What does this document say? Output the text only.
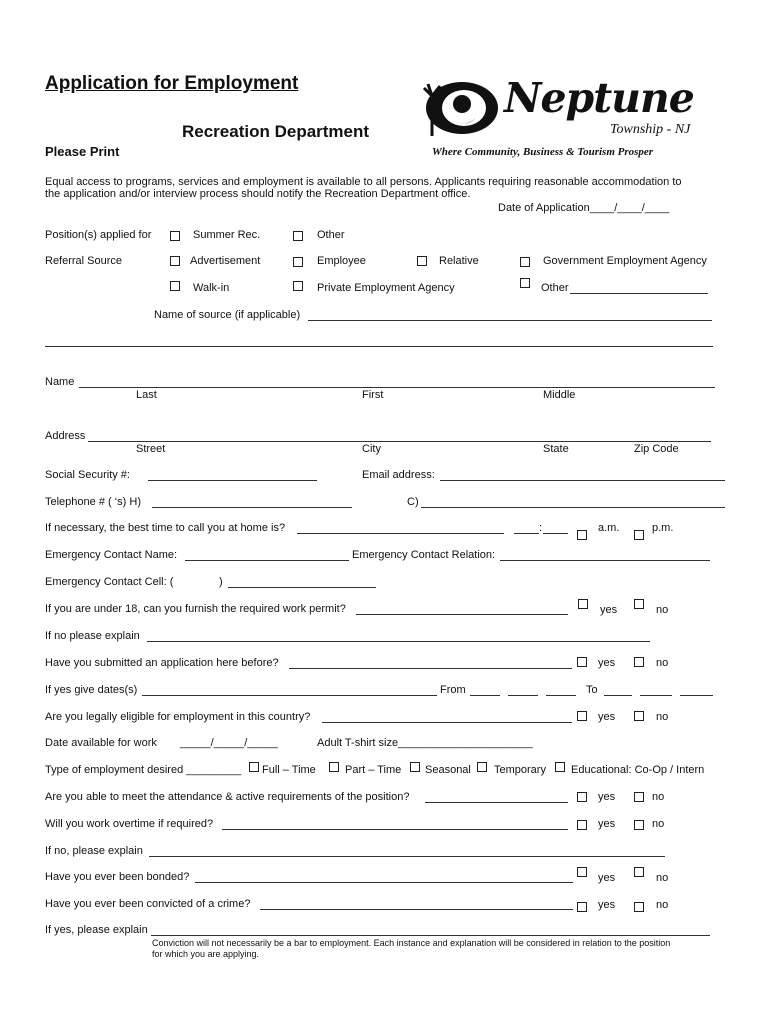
Application for Employment
Recreation Department
Please Print
Neptune
Township - NJ
Where Community, Business & Tourism Prosper
Equal access to programs, services and employment is available to all persons. Applicants requiring reasonable accommodation to
the application and/or interview process should notify the Recreation Department office.
Date of Application____/____/____
Position(s) applied for	Summer Rec.	Other
Referral Source	Advertisement	Employee	Relative	Government Employment Agency
Walk-in	Private Employment Agency	Other
Name of source (if applicable)
Name
Last	First	Middle
Address
Street	City	State	Zip Code
Social Security #:	Email address:
Telephone # ( ‘s) H)	C)
If necessary, the best time to call you at home is?	:	a.m.	p.m.
Emergency Contact Name:	Emergency Contact Relation:
Emergency Contact Cell: (	)
If you are under 18, can you furnish the required work permit?	yes	no
If no please explain
Have you submitted an application here before?	yes	no
If yes give dates(s)	From	To
Are you legally eligible for employment in this country?	yes	no
Date available for work _____/_____/_____	Adult T-shirt size______________________
Type of employment desired _________ Full – Time	Part – Time Seasonal Temporary Educational: Co-Op / Intern
Are you able to meet the attendance & active requirements of the position?	yes	no
Will you work overtime if required?	yes	no
If no, please explain
Have you ever been bonded?	yes	no
Have you ever been convicted of a crime?	yes	no
If yes, please explain
Conviction will not necessarily be a bar to employment. Each instance and explanation will be considered in relation to the position
for which you are applying.
